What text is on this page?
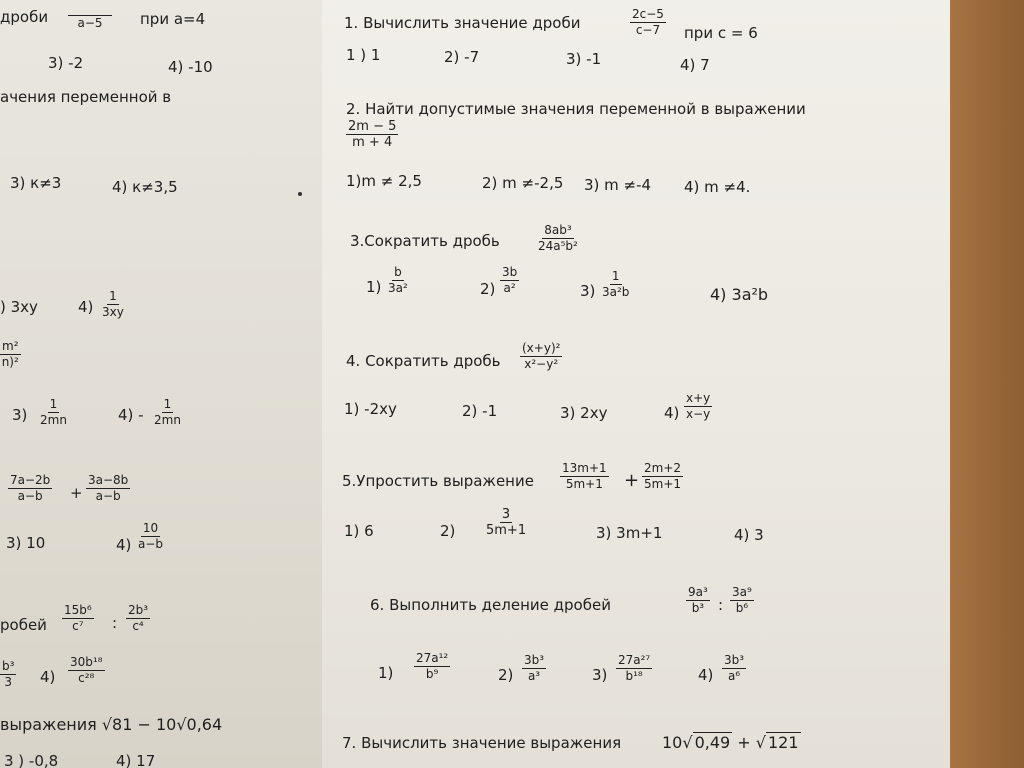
дроби a−5 при а=4
3) -2	4) -10
ачения переменной в
3) к≠3	4) к≠3,5
) 3xy	$4) \frac{1}{3xy}$
$\frac{\text{m²}}{\text{n)²}}$
$3) \frac{1}{2mn}$	$4) - \frac{1}{2mn}$
$\frac{7a-2b}{a-b} + \frac{3a-8b}{a-b}$
3) 10	$4) \frac{10}{a-b}$
робей $\frac{\text{15b⁶}}{\text{c⁷}}$ : $\frac{\text{2b³}}{\text{c⁴}}$
$\frac{\text{b³}}{3} 4) \frac{\text{30b¹⁸}}{\text{c²⁸}}$
выражения √81 − 10√0,64
3 ) -0,8	4) 17
1. Вычислить значение дроби	$\frac{2c-5}{c-7}$ при с = 6
1 ) 1	2) -7	3) -1	4) 7
2. Найти допустимые значения переменной в выражении
$\frac{2m - 5}{m + 4}$
1)m ≠ 2,5	2) m ≠-2,5 3) m ≠-4 4) m ≠4.
3.Сократить дробь	$\frac{\text{8ab³}}{\text{24a⁵b²}}$
$1) \frac{b}{\text{3a²}}$	$2) \frac{3b}{\text{a²}}$	$3) \frac{1}{\text{3a²b}}$	4) 3a²b
4. Сократить дробь $\frac{\text{(x+y)²}}{\text{x²−y²}}$
1) -2xy	2) -1	3) 2xy	$4) \frac{x+y}{x-y}$
5.Упростить выражение $\frac{13m+1}{5m+1} + \frac{2m+2}{5m+1}$
1) 6	$2) \frac{3}{5m+1}$	3) 3m+1	4) 3
6. Выполнить деление дробей	$\frac{\text{9a³}}{\text{b³}}$ : $\frac{\text{3a⁹}}{\text{b⁶}}$
$1) \frac{\text{27a¹²}}{\text{b⁹}}$	$2) \frac{\text{3b³}}{\text{a³}}$	$3) \frac{\text{27a²⁷}}{\text{b¹⁸}}$	$4) \frac{\text{3b³}}{\text{a⁶}}$
7. Вычислить значение выражения	10√ 0,49 + √ 121
